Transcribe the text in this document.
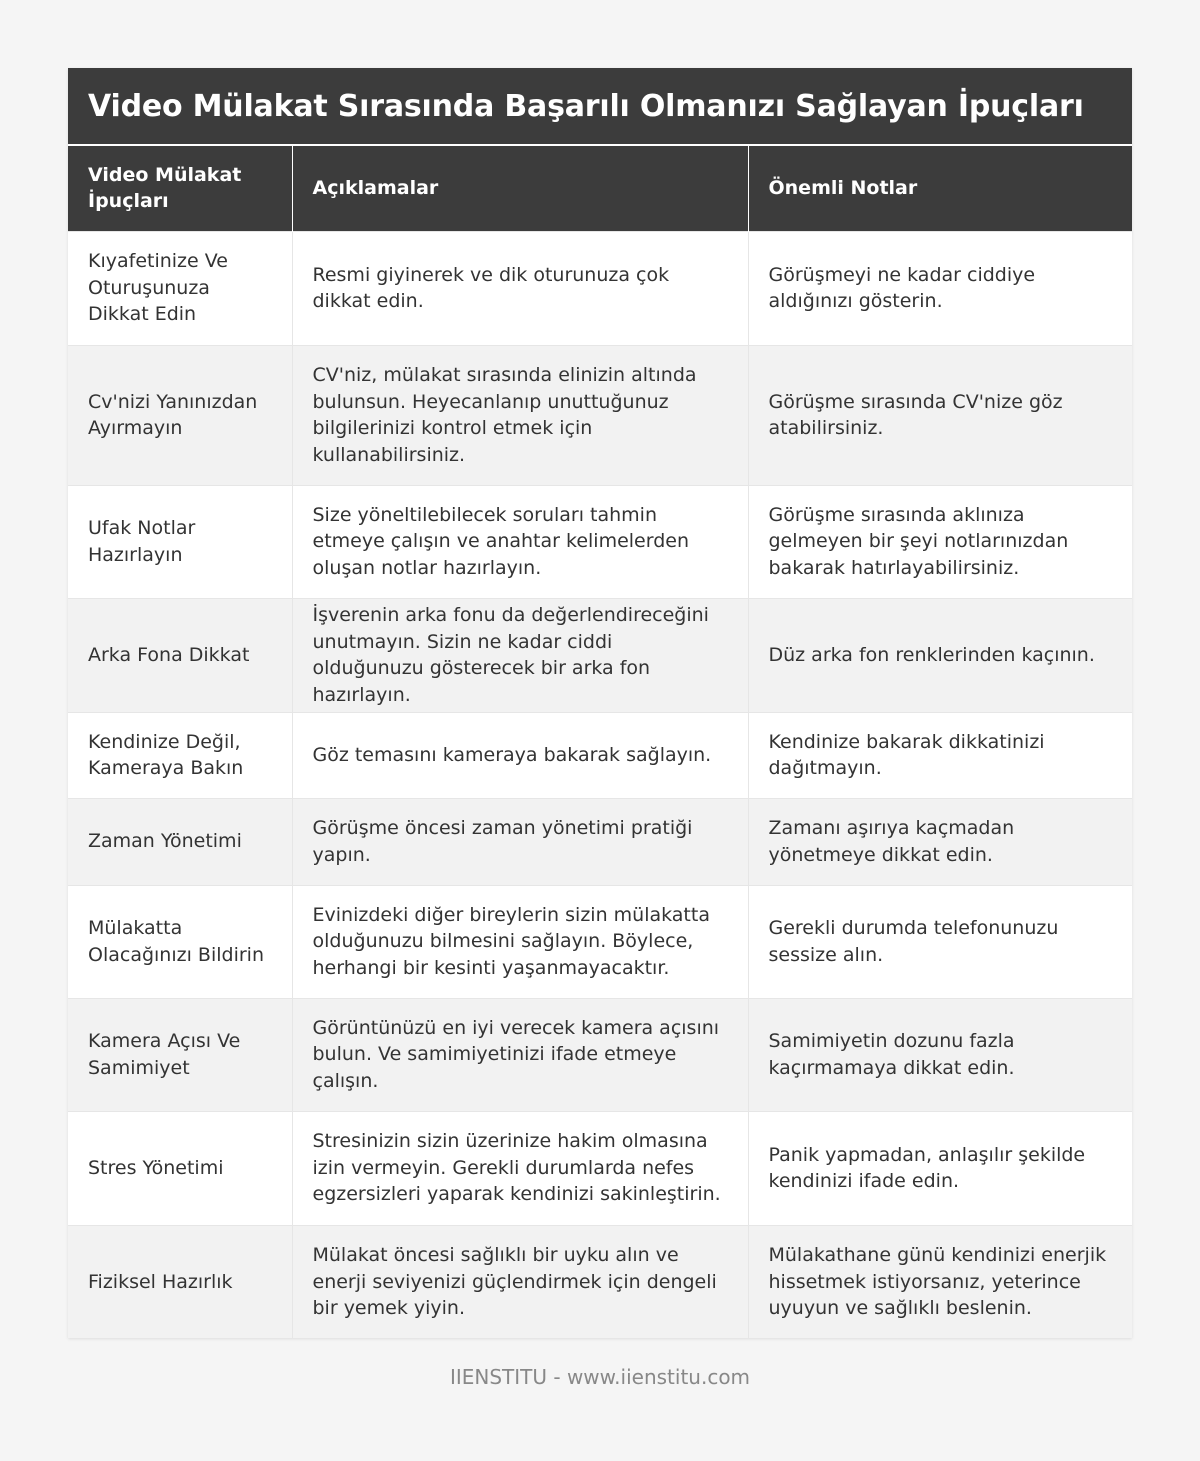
Video Mülakat Sırasında Başarılı Olmanızı Sağlayan İpuçları
Video Mülakat İpuçları	Açıklamalar	Önemli Notlar
Kıyafetinize Ve Oturuşunuza Dikkat Edin	Resmi giyinerek ve dik oturunuza çok dikkat edin.	Görüşmeyi ne kadar ciddiye aldığınızı gösterin.
Cv'nizi Yanınızdan Ayırmayın	CV'niz, mülakat sırasında elinizin altında bulunsun. Heyecanlanıp unuttuğunuz bilgilerinizi kontrol etmek için kullanabilirsiniz.	Görüşme sırasında CV'nize göz atabilirsiniz.
Ufak Notlar Hazırlayın	Size yöneltilebilecek soruları tahmin etmeye çalışın ve anahtar kelimelerden oluşan notlar hazırlayın.	Görüşme sırasında aklınıza gelmeyen bir şeyi notlarınızdan bakarak hatırlayabilirsiniz.
Arka Fona Dikkat	İşverenin arka fonu da değerlendireceğini unutmayın. Sizin ne kadar ciddi olduğunuzu gösterecek bir arka fon hazırlayın.	Düz arka fon renklerinden kaçının.
Kendinize Değil, Kameraya Bakın	Göz temasını kameraya bakarak sağlayın.	Kendinize bakarak dikkatinizi dağıtmayın.
Zaman Yönetimi	Görüşme öncesi zaman yönetimi pratiği yapın.	Zamanı aşırıya kaçmadan yönetmeye dikkat edin.
Mülakatta Olacağınızı Bildirin	Evinizdeki diğer bireylerin sizin mülakatta olduğunuzu bilmesini sağlayın. Böylece, herhangi bir kesinti yaşanmayacaktır.	Gerekli durumda telefonunuzu sessize alın.
Kamera Açısı Ve Samimiyet	Görüntünüzü en iyi verecek kamera açısını bulun. Ve samimiyetinizi ifade etmeye çalışın.	Samimiyetin dozunu fazla kaçırmamaya dikkat edin.
Stres Yönetimi	Stresinizin sizin üzerinize hakim olmasına izin vermeyin. Gerekli durumlarda nefes egzersizleri yaparak kendinizi sakinleştirin.	Panik yapmadan, anlaşılır şekilde kendinizi ifade edin.
Fiziksel Hazırlık	Mülakat öncesi sağlıklı bir uyku alın ve enerji seviyenizi güçlendirmek için dengeli bir yemek yiyin.	Mülakathane günü kendinizi enerjik hissetmek istiyorsanız, yeterince uyuyun ve sağlıklı beslenin.
IIENSTITU - www.iienstitu.com
